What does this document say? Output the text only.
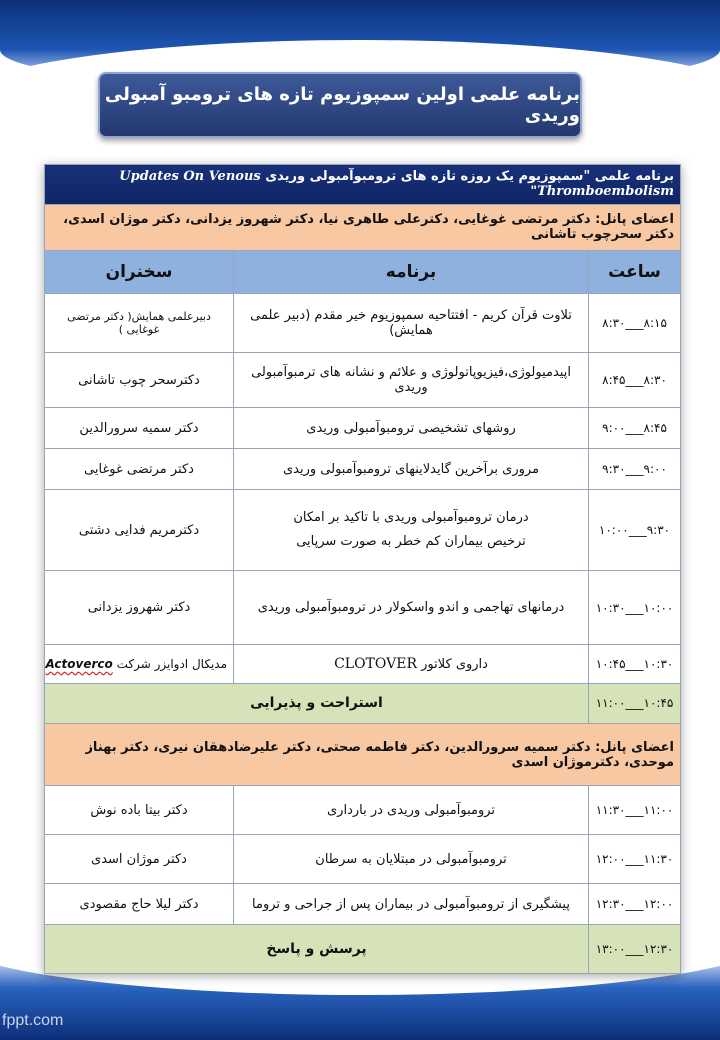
fppt.com
برنامه علمی اولین سمپوزیوم تازه های ترومبو آمبولی وریدی
برنامه علمی "سمپوزیوم یک روزه تازه های ترومبوآمبولی وریدی Updates On Venous Thromboembolism"		
اعضای پانل: دکتر مرتضی غوغایی، دکترعلی طاهری نیا، دکتر شهروز یزدانی، دکتر موژان اسدی، دکتر سحرچوب تاشانی		
ساعت	برنامه	سخنران
۸:۱۵___۸:۳۰	تلاوت قرآن کریم - افتتاحیه سمپوزیوم خیر مقدم (دبیر علمی همایش)	دبیرعلمی همایش( دکتر مرتضی غوغایی )
۸:۳۰___۸:۴۵	اپیدمیولوژی،فیزیوپاتولوژی و علائم و نشانه های ترمبوآمبولی وریدی	دکترسحر چوب تاشانی
۸:۴۵___۹:۰۰	روشهای تشخیصی ترومبوآمبولی وریدی	دکتر سمیه سرورالدین
۹:۰۰___۹:۳۰	مروری برآخرین گایدلاینهای ترومبوآمبولی وریدی	دکتر مرتضی غوغایی
۹:۳۰___۱۰:۰۰	درمان ترومبوآمبولی وریدی با تاکید بر امکان ترخیص بیماران کم خطر به صورت سرپایی	دکترمریم فدایی دشتی
۱۰:۰۰___۱۰:۳۰	درمانهای تهاجمی و اندو واسکولار در ترومبوآمبولی وریدی	دکتر شهروز یزدانی
۱۰:۳۰___۱۰:۴۵	داروی کلاتور CLOTOVER	مدیکال ادوایزر شرکت Actoverco
۱۰:۴۵___۱۱:۰۰	استراحت و پذیرایی	
اعضای پانل: دکتر سمیه سرورالدین، دکتر فاطمه صحتی، دکتر علیرضادهقان نیری، دکتر بهناز موحدی، دکترموژان اسدی		
۱۱:۰۰___۱۱:۳۰	ترومبوآمبولی وریدی در بارداری	دکتر بیتا باده نوش
۱۱:۳۰___۱۲:۰۰	ترومبوآمبولی در مبتلایان به سرطان	دکتر موژان اسدی
۱۲:۰۰___۱۲:۳۰	پیشگیری از ترومبوآمبولی در بیماران پس از جراحی و تروما	دکتر لیلا حاج مقصودی
۱۲:۳۰___۱۳:۰۰	پرسش و پاسخ	
